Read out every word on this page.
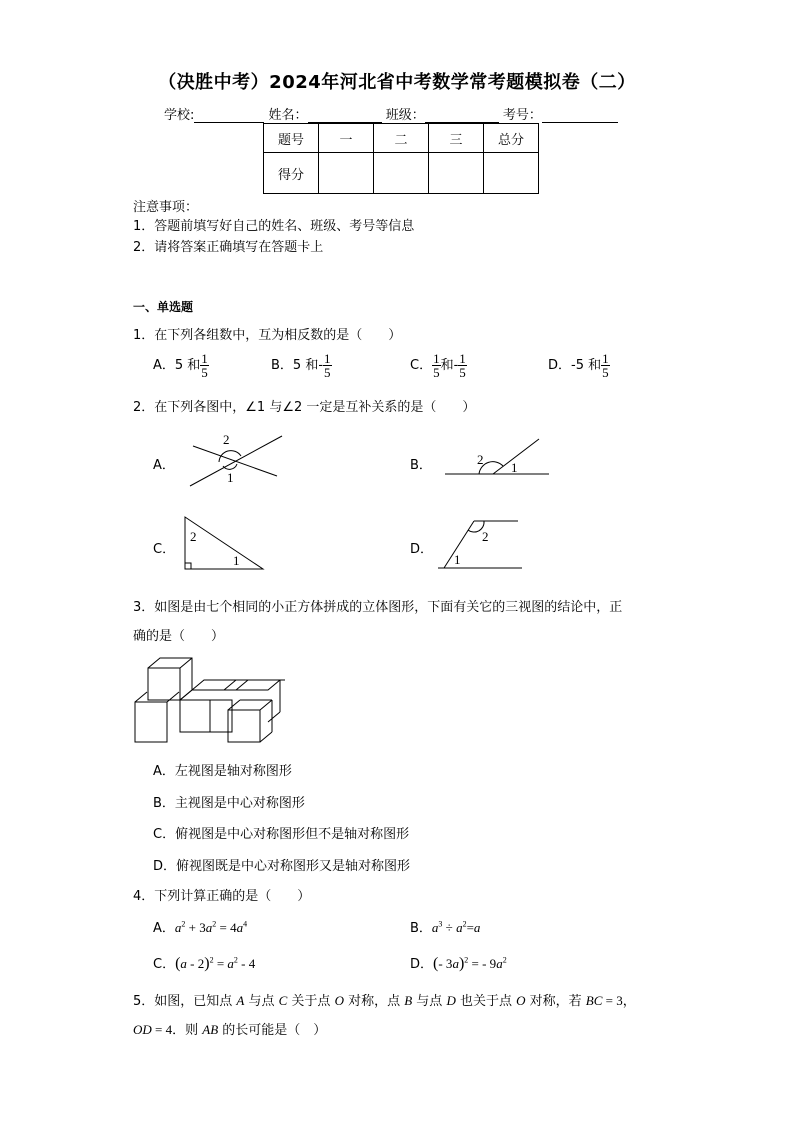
（决胜中考）2024年河北省中考数学常考题模拟卷（二）
学校:	姓名：	班级：	考号：
题号	一	二	三	总分
得分				
注意事项：
1．答题前填写好自己的姓名、班级、考号等信息
2．请将答案正确填写在答题卡上
一、单选题
1．在下列各组数中，互为相反数的是（　　）
A．5 和 $\frac{1}{5}$	B．5 和- $\frac{1}{5}$	C． $\frac{1}{5}$ 和- $\frac{1}{5}$	D．-5 和 $\frac{1}{5}$
2．在下列各图中，∠1 与∠2 一定是互补关系的是（　　）
A．
2
1
B．	2
1
C．
2
1
D．
2
1
3．如图是由七个相同的小正方体拼成的立体图形，下面有关它的三视图的结论中，正
确的是（　　）
A．左视图是轴对称图形
B．主视图是中心对称图形
C．俯视图是中心对称图形但不是轴对称图形
D．俯视图既是中心对称图形又是轴对称图形
4．下列计算正确的是（　　）
A．$a^2 + 3a^2 = 4a^4$	B．$a^3 \div a^2=a$
C．$(a - 2)^2 = a^2 - 4$	D．(- 3a)$^2$ = - $9a^2$
5．如图，已知点 A 与点 C 关于点 O 对称，点 B 与点 D 也关于点 O 对称，若 BC = 3，
OD = 4．则 AB 的长可能是（　）
